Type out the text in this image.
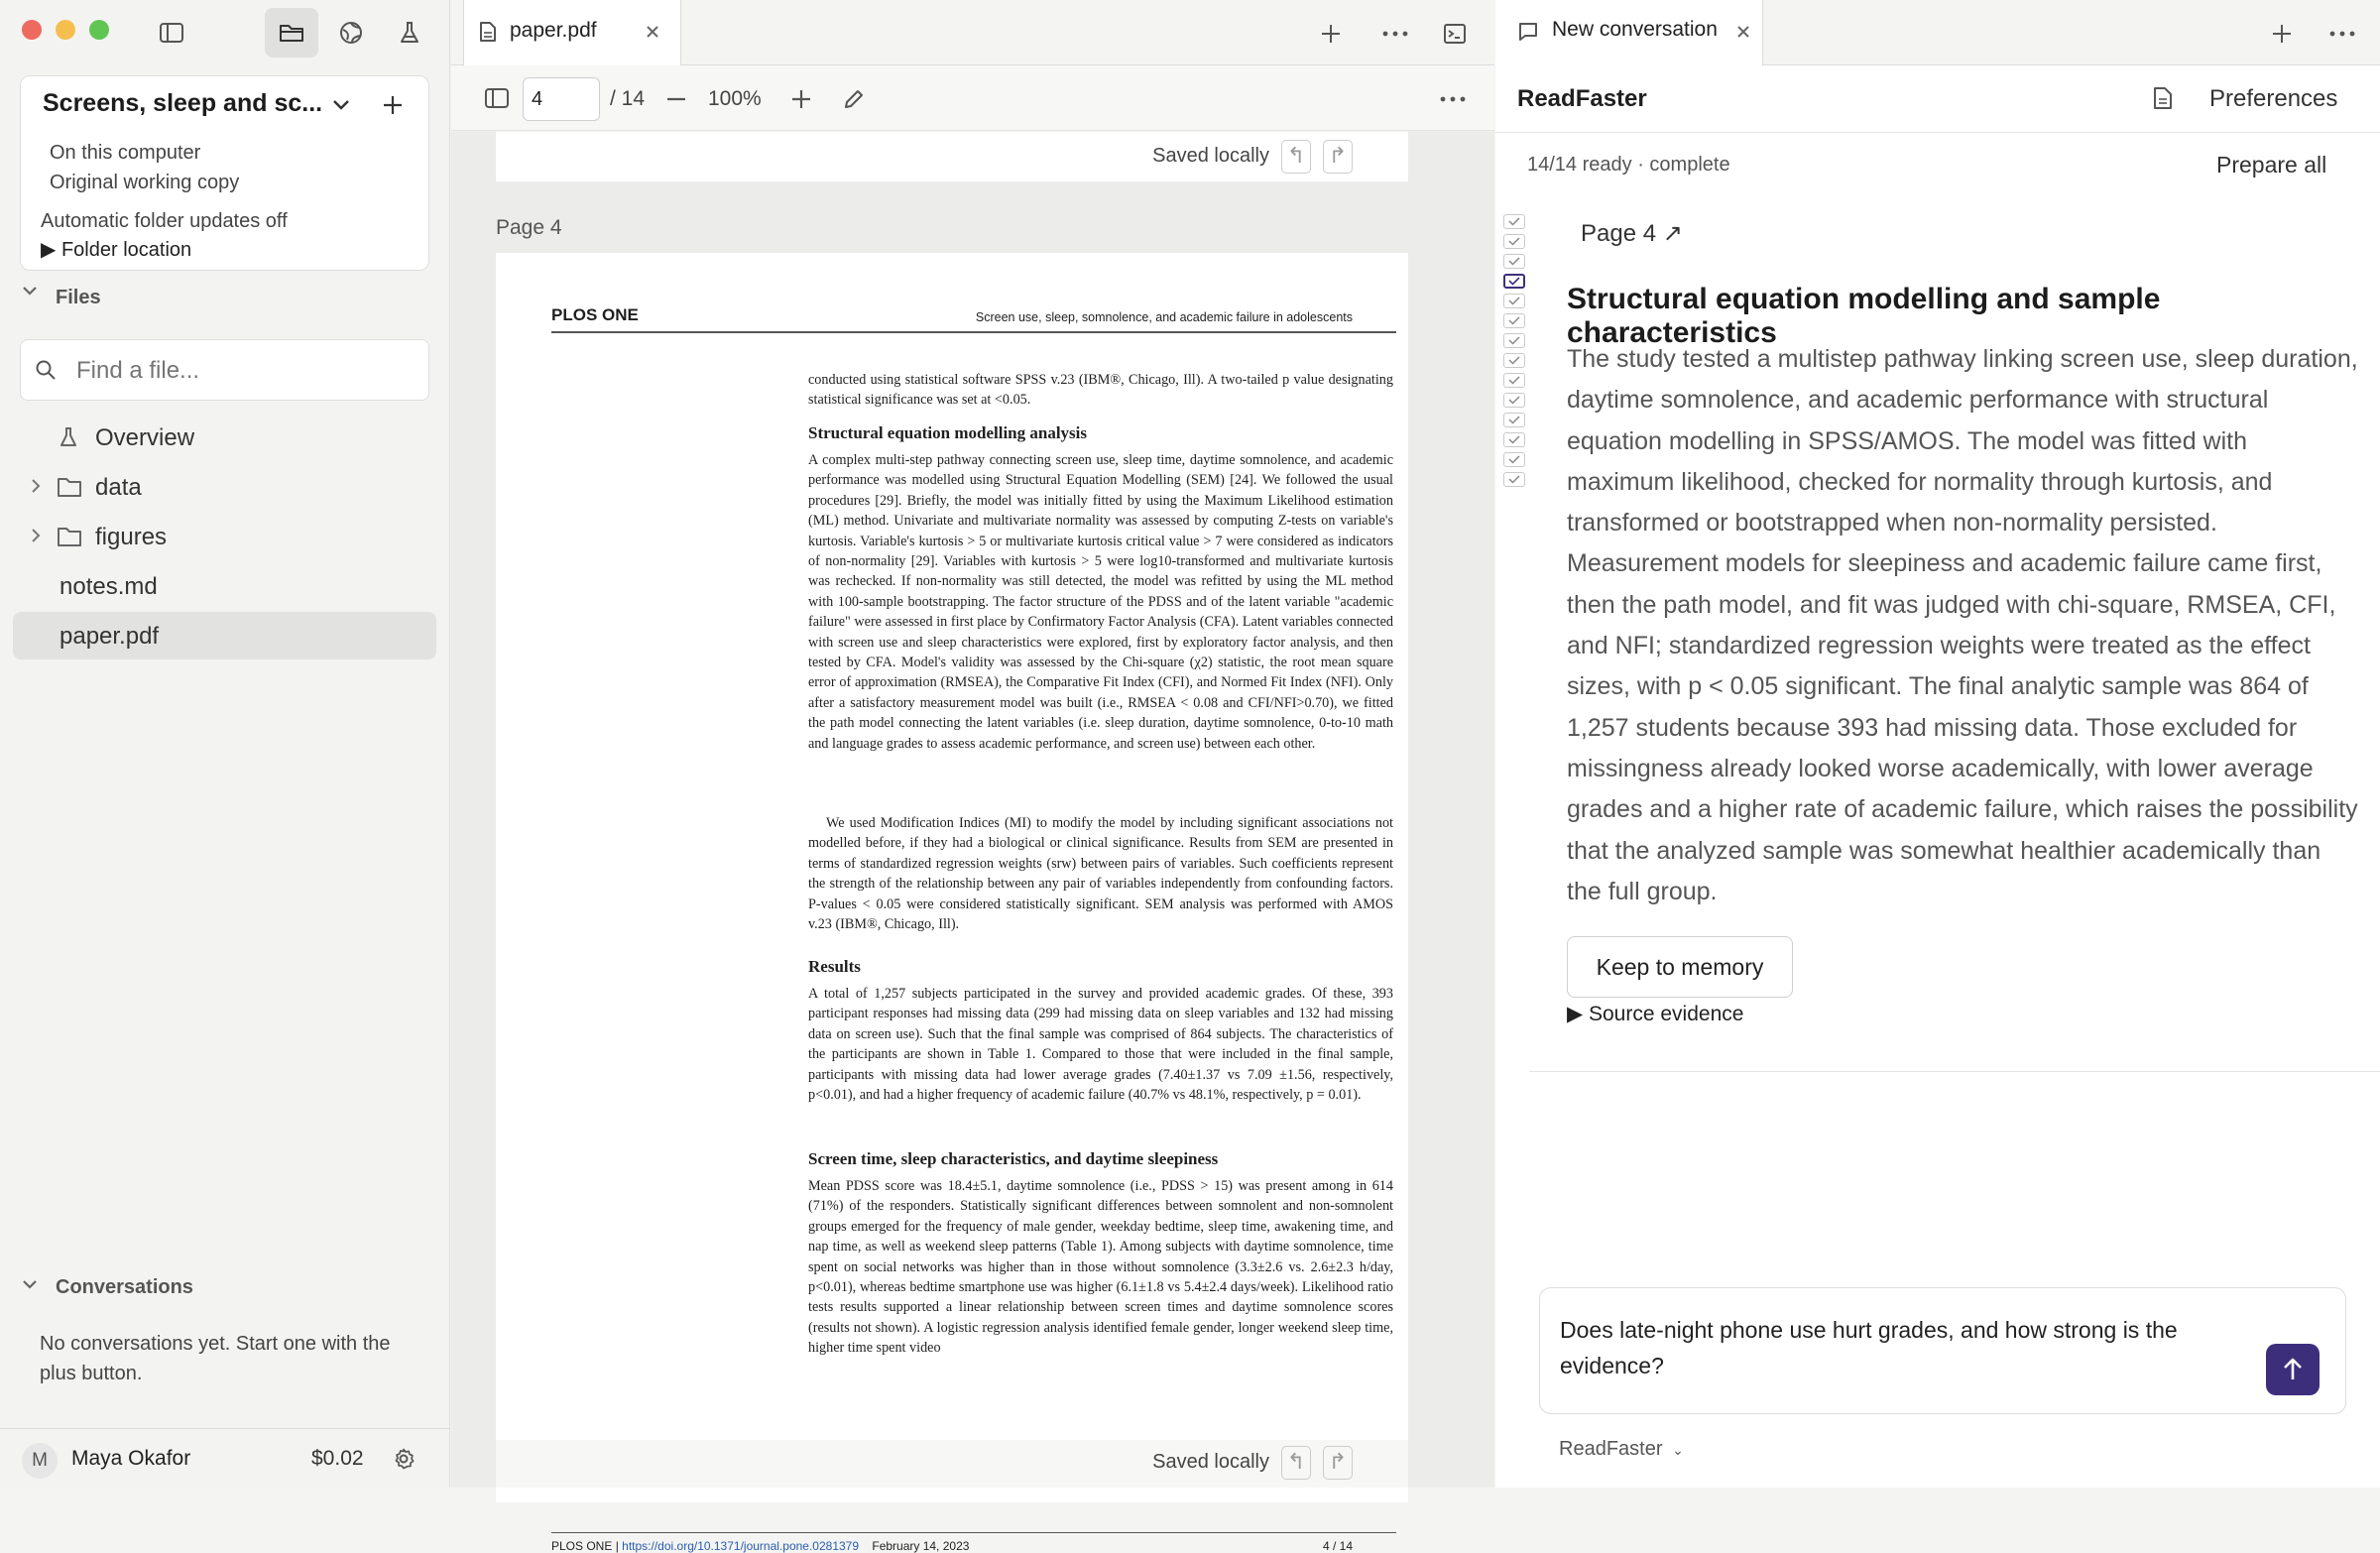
Screens, sleep and sc...
On this computer
Original working copy
Automatic folder updates off
▶ Folder location
Files
Find a file...
Overview
data
figures
notes.md
paper.pdf
Conversations
No conversations yet. Start one with the plus button.
M	Maya Okafor	$0.02
paper.pdf
4	/ 14	100%
Saved locally ↰ ↱
Page 4
PLOS ONE	Screen use, sleep, somnolence, and academic failure in adolescents
conducted using statistical software SPSS v.23 (IBM®, Chicago, Ill). A two-tailed p value designating statistical significance was set at <0.05.
Structural equation modelling analysis
A complex multi-step pathway connecting screen use, sleep time, daytime somnolence, and academic performance was modelled using Structural Equation Modelling (SEM) [24]. We followed the usual procedures [29]. Briefly, the model was initially fitted by using the Maximum Likelihood estimation (ML) method. Univariate and multivariate normality was assessed by computing Z-tests on variable's kurtosis. Variable's kurtosis > 5 or multivariate kurtosis critical value > 7 were considered as indicators of non-normality [29]. Variables with kurtosis > 5 were log10-transformed and multivariate kurtosis was rechecked. If non-normality was still detected, the model was refitted by using the ML method with 100-sample bootstrapping. The factor structure of the PDSS and of the latent variable "academic failure" were assessed in first place by Confirmatory Factor Analysis (CFA). Latent variables connected with screen use and sleep characteristics were explored, first by exploratory factor analysis, and then tested by CFA. Model's validity was assessed by the Chi-square (χ2) statistic, the root mean square error of approximation (RMSEA), the Comparative Fit Index (CFI), and Normed Fit Index (NFI). Only after a satisfactory measurement model was built (i.e., RMSEA < 0.08 and CFI/NFI>0.70), we fitted the path model connecting the latent variables (i.e. sleep duration, daytime somnolence, 0-to-10 math and language grades to assess academic performance, and screen use) between each other.
We used Modification Indices (MI) to modify the model by including significant associations not modelled before, if they had a biological or clinical significance. Results from SEM are presented in terms of standardized regression weights (srw) between pairs of variables. Such coefficients represent the strength of the relationship between any pair of variables independently from confounding factors. P-values < 0.05 were considered statistically significant. SEM analysis was performed with AMOS v.23 (IBM®, Chicago, Ill).
Results
A total of 1,257 subjects participated in the survey and provided academic grades. Of these, 393 participant responses had missing data (299 had missing data on sleep variables and 132 had missing data on screen use). Such that the final sample was comprised of 864 subjects. The characteristics of the participants are shown in Table 1. Compared to those that were included in the final sample, participants with missing data had lower average grades (7.40±1.37 vs 7.09 ±1.56, respectively, p<0.01), and had a higher frequency of academic failure (40.7% vs 48.1%, respectively, p = 0.01).
Screen time, sleep characteristics, and daytime sleepiness
Mean PDSS score was 18.4±5.1, daytime somnolence (i.e., PDSS > 15) was present among in 614 (71%) of the responders. Statistically significant differences between somnolent and non-somnolent groups emerged for the frequency of male gender, weekday bedtime, sleep time, awakening time, and nap time, as well as weekend sleep patterns (Table 1). Among subjects with daytime somnolence, time spent on social networks was higher than in those without somnolence (3.3±2.6 vs. 2.6±2.3 h/day, p<0.01), whereas bedtime smartphone use was higher (6.1±1.8 vs 5.4±2.4 days/week). Likelihood ratio tests results supported a linear relationship between screen times and daytime somnolence scores (results not shown). A logistic regression analysis identified female gender, longer weekend sleep time, higher time spent video
PLOS ONE | https://doi.org/10.1371/journal.pone.0281379 February 14, 2023	4 / 14
Saved locally ↰ ↱
New conversation
ReadFaster	Preferences
14/14 ready · complete	Prepare all
Page 4 ↗
Structural equation modelling and sample characteristics
The study tested a multistep pathway linking screen use, sleep duration, daytime somnolence, and academic performance with structural equation modelling in SPSS/AMOS. The model was fitted with maximum likelihood, checked for normality through kurtosis, and transformed or bootstrapped when non-normality persisted. Measurement models for sleepiness and academic failure came first, then the path model, and fit was judged with chi-square, RMSEA, CFI, and NFI; standardized regression weights were treated as the effect sizes, with p < 0.05 significant. The final analytic sample was 864 of 1,257 students because 393 had missing data. Those excluded for missingness already looked worse academically, with lower average grades and a higher rate of academic failure, which raises the possibility that the analyzed sample was somewhat healthier academically than the full group.
Keep to memory
▶ Source evidence
Does late-night phone use hurt grades, and how strong is the evidence?
ReadFaster ⌄
